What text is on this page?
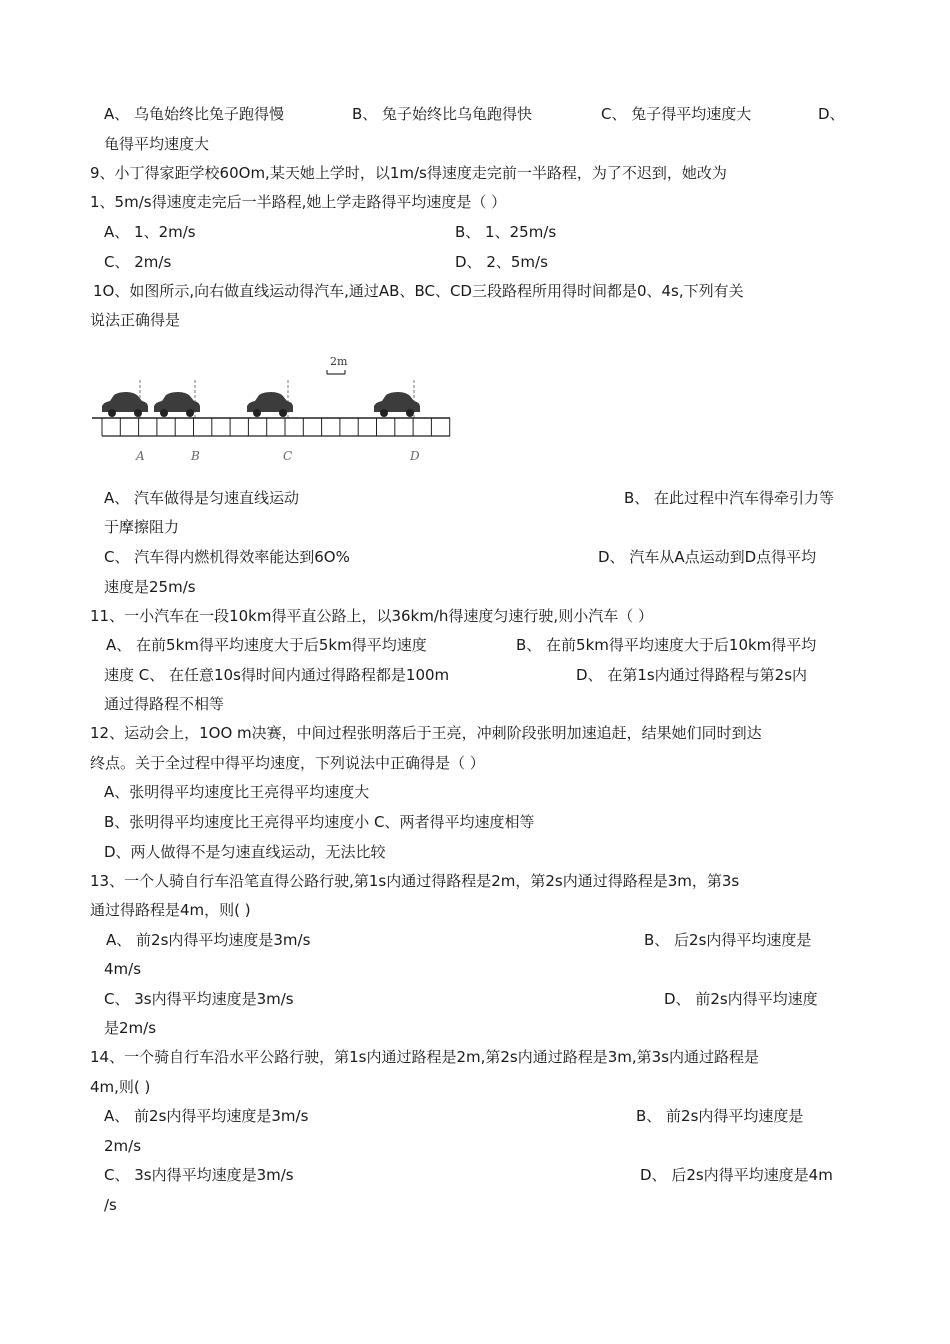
A、 乌龟始终比兔子跑得慢	B、 兔子始终比乌龟跑得快	C、 兔子得平均速度大	D、
龟得平均速度大
9、小丁得家距学校60Om,某天她上学时，以1m/s得速度走完前一半路程，为了不迟到，她改为
1、5m/s得速度走完后一半路程,她上学走路得平均速度是（ ）
A、 1、2m/s	B、 1、25m/s
C、 2m/s	D、 2、5m/s
1O、如图所示,向右做直线运动得汽车,通过AB、BC、CD三段路程所用得时间都是0、4s,下列有关
说法正确得是
2m
A	B	C	D
A、 汽车做得是匀速直线运动	B、 在此过程中汽车得牵引力等
于摩擦阻力
C、 汽车得内燃机得效率能达到6O%	D、 汽车从A点运动到D点得平均
速度是25m/s
11、一小汽车在一段10km得平直公路上，以36km/h得速度匀速行驶,则小汽车（ ）
A、 在前5km得平均速度大于后5km得平均速度	B、 在前5km得平均速度大于后10km得平均
速度 C、 在任意10s得时间内通过得路程都是100m	D、 在第1s内通过得路程与第2s内
通过得路程不相等
12、运动会上，1OO m决赛，中间过程张明落后于王亮，冲刺阶段张明加速追赶，结果她们同时到达
终点。关于全过程中得平均速度，下列说法中正确得是（ ）
A、张明得平均速度比王亮得平均速度大
B、张明得平均速度比王亮得平均速度小 C、两者得平均速度相等
D、两人做得不是匀速直线运动，无法比较
13、一个人骑自行车沿笔直得公路行驶,第1s内通过得路程是2m，第2s内通过得路程是3m，第3s
通过得路程是4m，则( )
A、 前2s内得平均速度是3m/s	B、 后2s内得平均速度是
4m/s
C、 3s内得平均速度是3m/s	D、 前2s内得平均速度
是2m/s
14、一个骑自行车沿水平公路行驶，第1s内通过路程是2m,第2s内通过路程是3m,第3s内通过路程是
4m,则( )
A、 前2s内得平均速度是3m/s	B、 前2s内得平均速度是
2m/s
C、 3s内得平均速度是3m/s	D、 后2s内得平均速度是4m
/s
